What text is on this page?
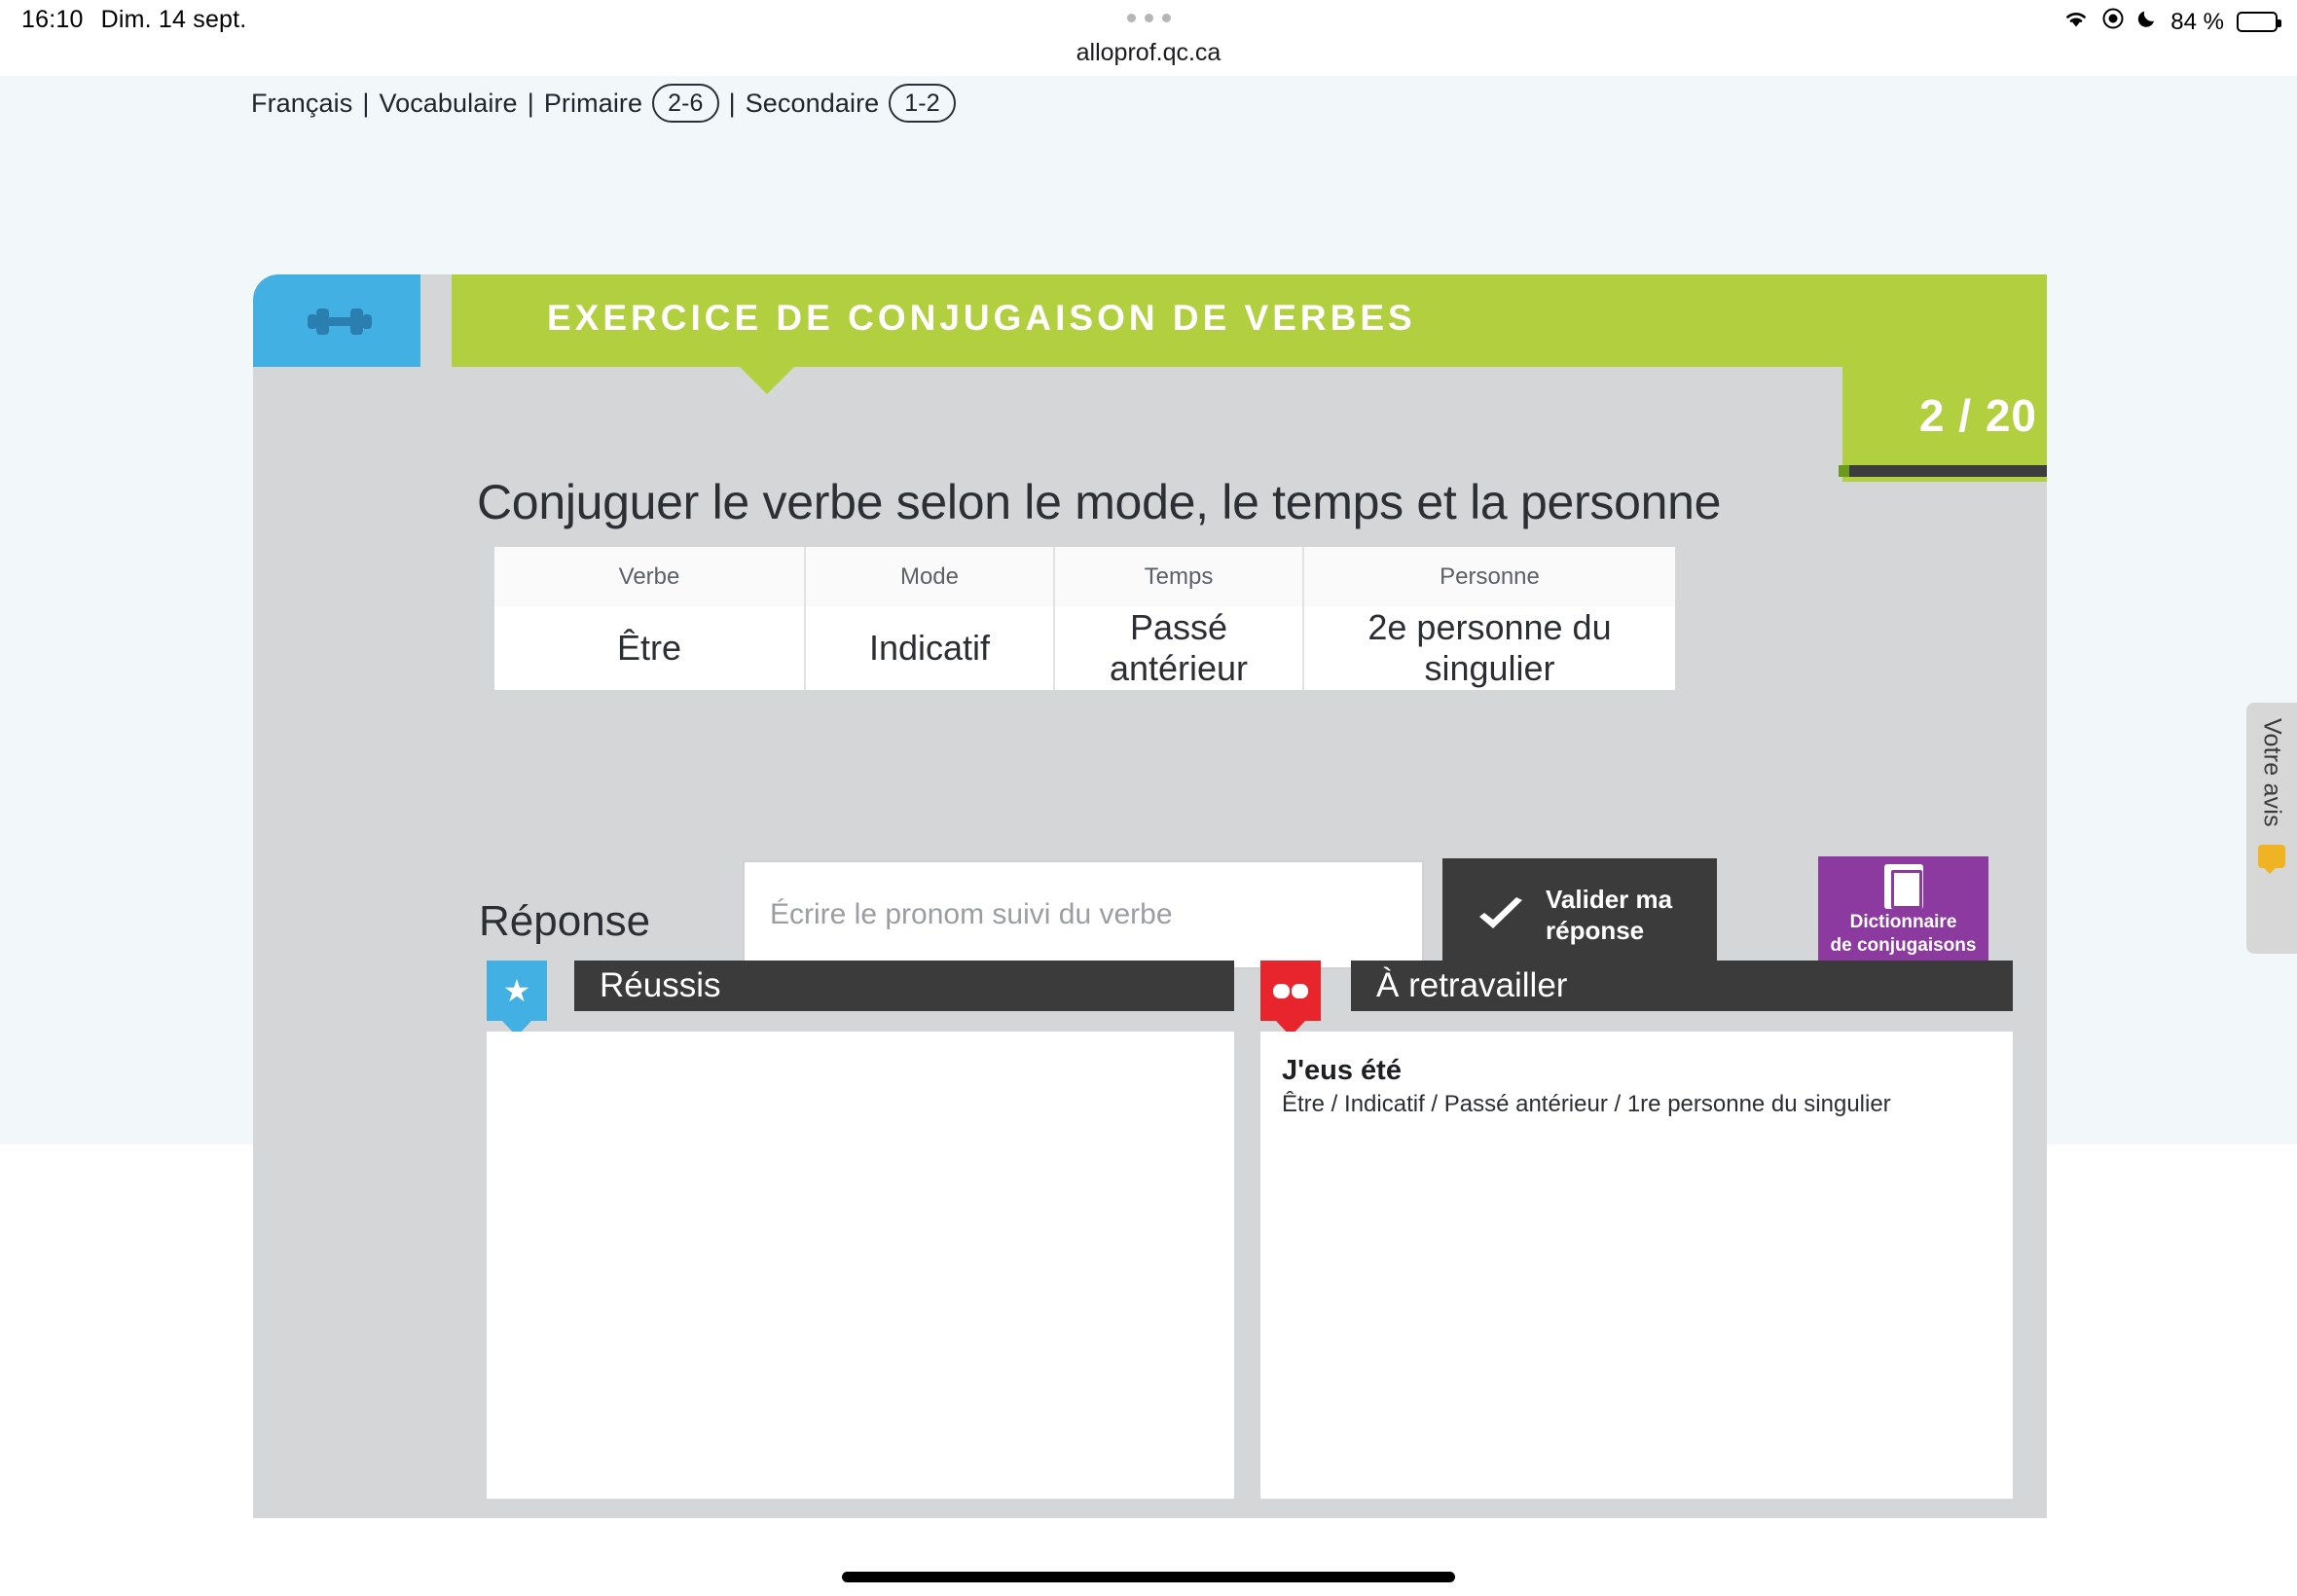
16:10 Dim. 14 sept.	84 %
alloprof.qc.ca
Français | Vocabulaire | Primaire	2-6 | Secondaire	1-2
EXERCICE DE CONJUGAISON DE VERBES
2 / 20
Conjuguer le verbe selon le mode, le temps et la personne
Verbe	Mode	Temps	Personne
Être	Indicatif	Passé antérieur	2e personne du singulier
Réponse
Écrire le pronom suivi du verbe	Valider ma
réponse	Dictionnaire
de conjugaisons
★	Réussis	À retravailler
J'eus été
Être / Indicatif / Passé antérieur / 1re personne du singulier
Votre avis
